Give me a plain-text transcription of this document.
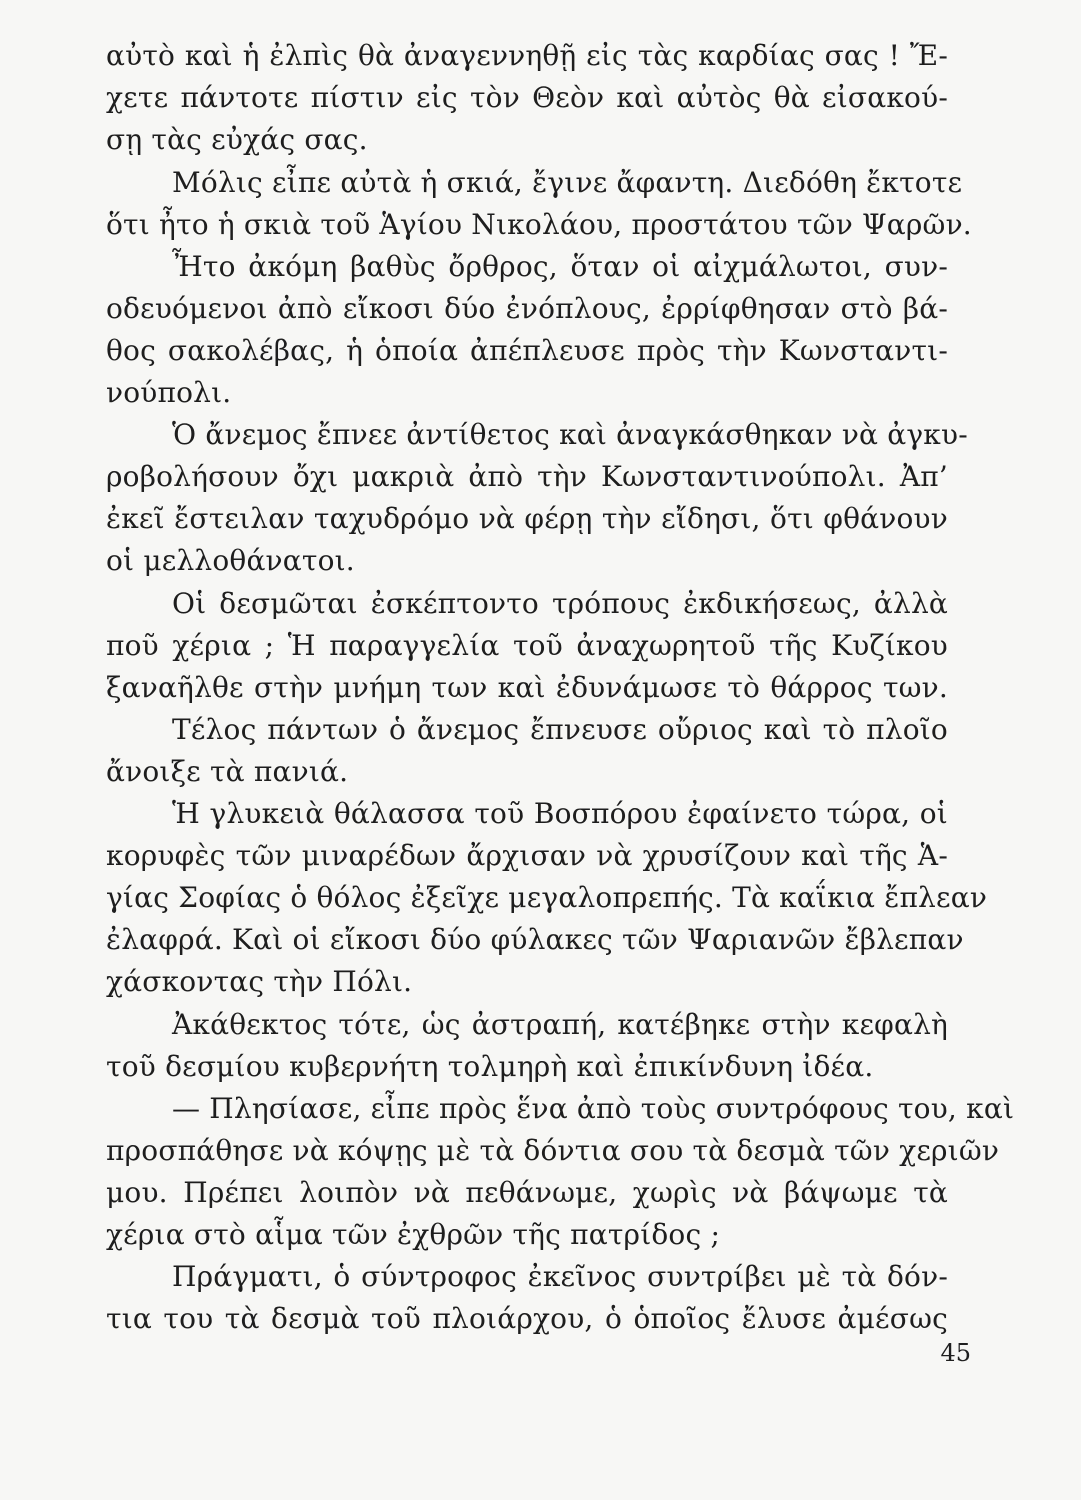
αὐτὸ καὶ ἡ ἐλπὶς θὰ ἀναγεννηθῇ εἰς τὰς καρδίας σας ! Ἔ-
χετε πάντοτε πίστιν εἰς τὸν Θεὸν καὶ αὐτὸς θὰ εἰσακού-
σῃ τὰς εὐχάς σας.
Μόλις εἶπε αὐτὰ ἡ σκιά, ἔγινε ἄφαντη. Διεδόθη ἔκτοτε
ὅτι ἦτο ἡ σκιὰ τοῦ Ἁγίου Νικολάου, προστάτου τῶν Ψαρῶν.
Ἦτο ἀκόμη βαθὺς ὄρθρος, ὅταν οἱ αἰχμάλωτοι, συν-
οδευόμενοι ἀπὸ εἴκοσι δύο ἐνόπλους, ἐρρίφθησαν στὸ βά-
θος σακολέβας, ἡ ὁποία ἀπέπλευσε πρὸς τὴν Κωνσταντι-
νούπολι.
Ὁ ἄνεμος ἔπνεε ἀντίθετος καὶ ἀναγκάσθηκαν νὰ ἀγκυ-
ροβολήσουν ὄχι μακριὰ ἀπὸ τὴν Κωνσταντινούπολι. Ἀπ’
ἐκεῖ ἔστειλαν ταχυδρόμο νὰ φέρῃ τὴν εἴδησι, ὅτι φθάνουν
οἱ μελλοθάνατοι.
Οἱ δεσμῶται ἐσκέπτοντο τρόπους ἐκδικήσεως, ἀλλὰ
ποῦ χέρια ; Ἡ παραγγελία τοῦ ἀναχωρητοῦ τῆς Κυζίκου
ξαναῆλθε στὴν μνήμη των καὶ ἐδυνάμωσε τὸ θάρρος των.
Τέλος πάντων ὁ ἄνεμος ἔπνευσε οὔριος καὶ τὸ πλοῖο
ἄνοιξε τὰ πανιά.
Ἡ γλυκειὰ θάλασσα τοῦ Βοσπόρου ἐφαίνετο τώρα, οἱ
κορυφὲς τῶν μιναρέδων ἄρχισαν νὰ χρυσίζουν καὶ τῆς Ἁ-
γίας Σοφίας ὁ θόλος ἐξεῖχε μεγαλοπρεπής. Τὰ καΐκια ἔπλεαν
ἐλαφρά. Καὶ οἱ εἴκοσι δύο φύλακες τῶν Ψαριανῶν ἔβλεπαν
χάσκοντας τὴν Πόλι.
Ἀκάθεκτος τότε, ὡς ἀστραπή, κατέβηκε στὴν κεφαλὴ
τοῦ δεσμίου κυβερνήτη τολμηρὴ καὶ ἐπικίνδυνη ἰδέα.
— Πλησίασε, εἶπε πρὸς ἕνα ἀπὸ τοὺς συντρόφους του, καὶ
προσπάθησε νὰ κόψῃς μὲ τὰ δόντια σου τὰ δεσμὰ τῶν χεριῶν
μου. Πρέπει λοιπὸν νὰ πεθάνωμε, χωρὶς νὰ βάψωμε τὰ
χέρια στὸ αἷμα τῶν ἐχθρῶν τῆς πατρίδος ;
Πράγματι, ὁ σύντροφος ἐκεῖνος συντρίβει μὲ τὰ δόν-
τια του τὰ δεσμὰ τοῦ πλοιάρχου, ὁ ὁποῖος ἔλυσε ἀμέσως
45
